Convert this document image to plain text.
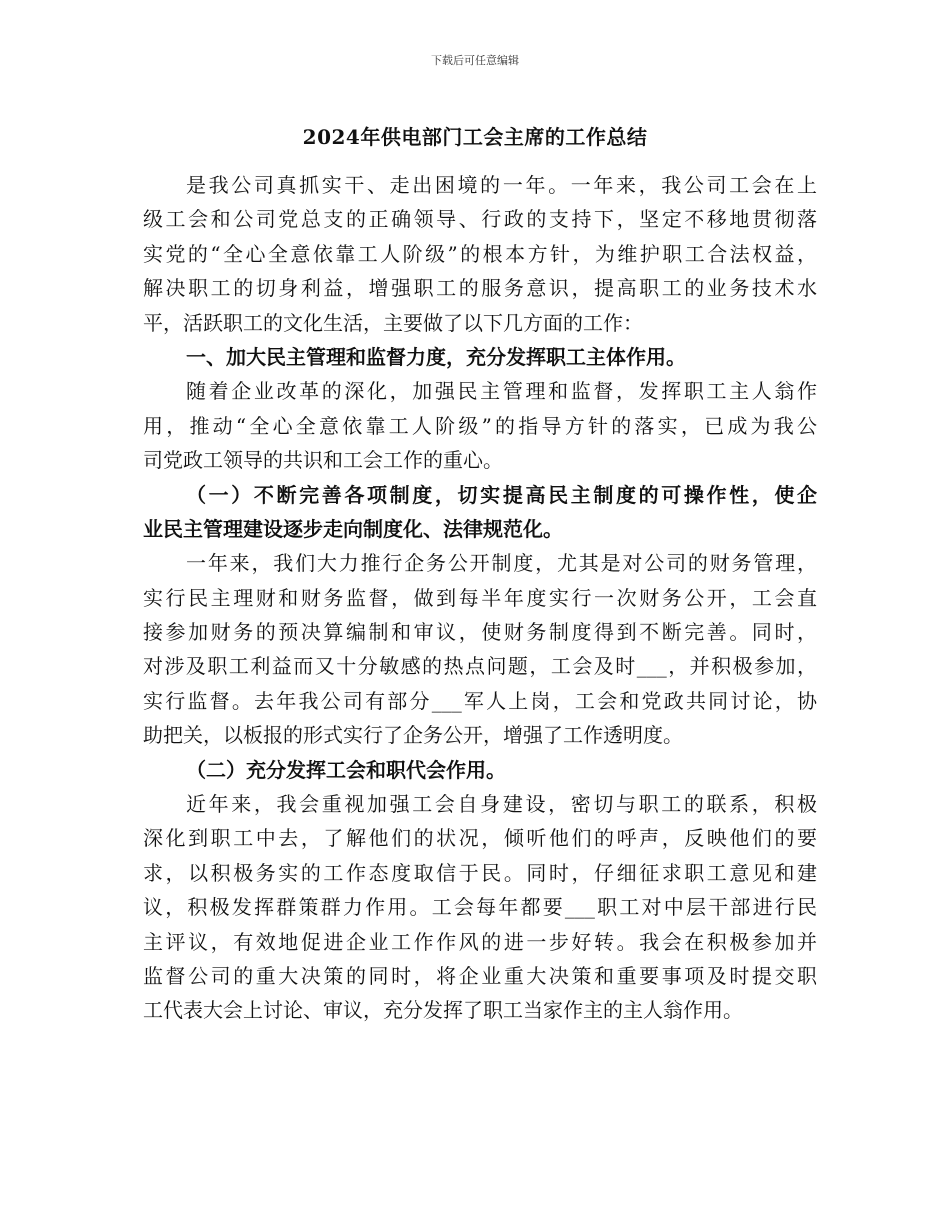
下载后可任意编辑
2024年供电部门工会主席的工作总结
是我公司真抓实干、走出困境的一年。一年来，我公司工会在上
级工会和公司党总支的正确领导、行政的支持下，坚定不移地贯彻落
实党的“全心全意依靠工人阶级”的根本方针，为维护职工合法权益，
解决职工的切身利益，增强职工的服务意识，提高职工的业务技术水
平，活跃职工的文化生活，主要做了以下几方面的工作：
一、加大民主管理和监督力度，充分发挥职工主体作用。
随着企业改革的深化，加强民主管理和监督，发挥职工主人翁作
用，推动“全心全意依靠工人阶级”的指导方针的落实，已成为我公
司党政工领导的共识和工会工作的重心。
（一）不断完善各项制度，切实提高民主制度的可操作性，使企
业民主管理建设逐步走向制度化、法律规范化。
一年来，我们大力推行企务公开制度，尤其是对公司的财务管理，
实行民主理财和财务监督，做到每半年度实行一次财务公开，工会直
接参加财务的预决算编制和审议，使财务制度得到不断完善。同时，
对涉及职工利益而又十分敏感的热点问题，工会及时___，并积极参加，
实行监督。去年我公司有部分___军人上岗，工会和党政共同讨论，协
助把关，以板报的形式实行了企务公开，增强了工作透明度。
（二）充分发挥工会和职代会作用。
近年来，我会重视加强工会自身建设，密切与职工的联系，积极
深化到职工中去，了解他们的状况，倾听他们的呼声，反映他们的要
求，以积极务实的工作态度取信于民。同时，仔细征求职工意见和建
议，积极发挥群策群力作用。工会每年都要___职工对中层干部进行民
主评议，有效地促进企业工作作风的进一步好转。我会在积极参加并
监督公司的重大决策的同时，将企业重大决策和重要事项及时提交职
工代表大会上讨论、审议，充分发挥了职工当家作主的主人翁作用。
